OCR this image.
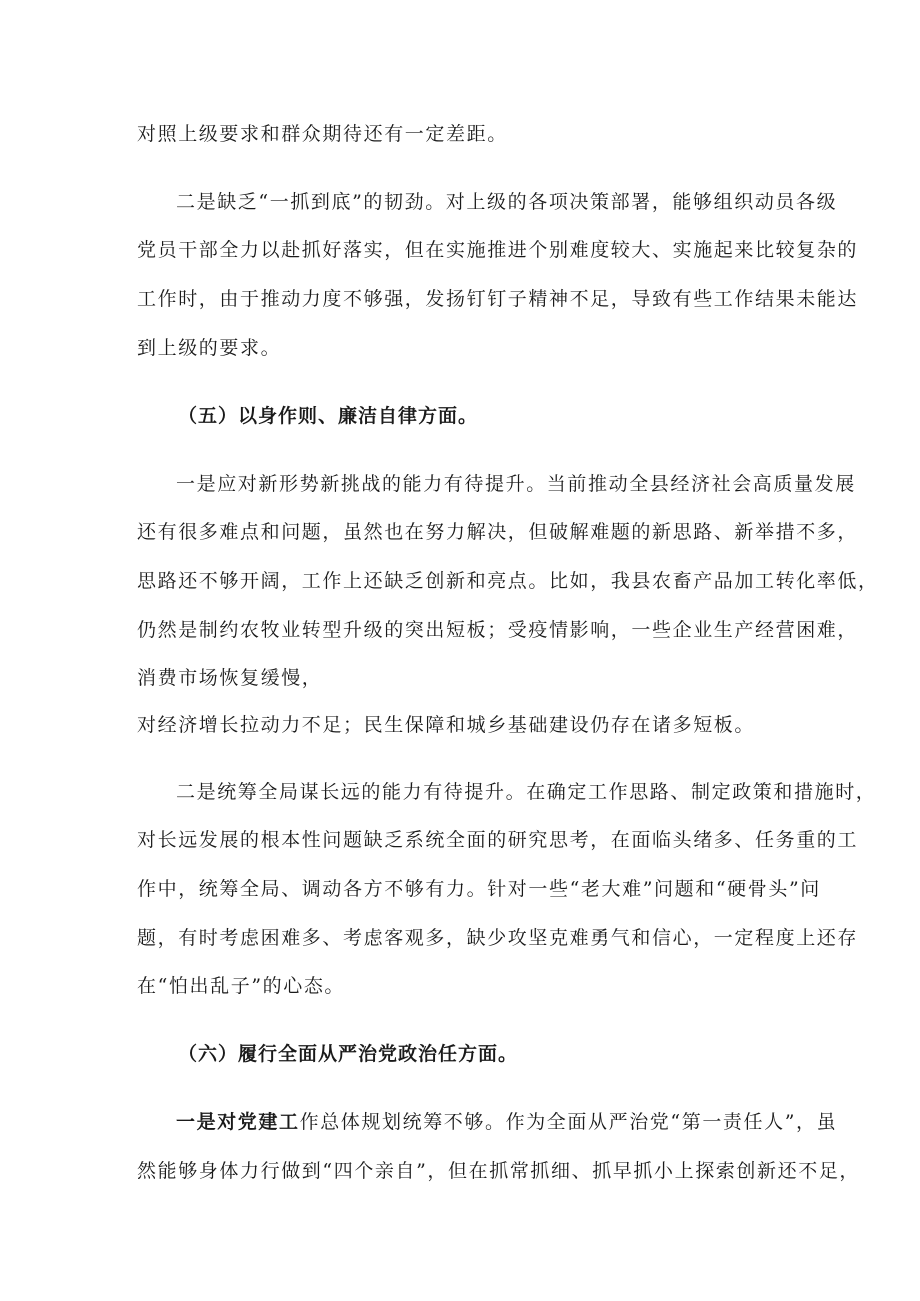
对照上级要求和群众期待还有一定差距。
二是缺乏“一抓到底”的韧劲。对上级的各项决策部署，能够组织动员各级
党员干部全力以赴抓好落实，但在实施推进个别难度较大、实施起来比较复杂的
工作时，由于推动力度不够强，发扬钉钉子精神不足，导致有些工作结果未能达
到上级的要求。
（五）以身作则、廉洁自律方面。
一是应对新形势新挑战的能力有待提升。当前推动全县经济社会高质量发展
还有很多难点和问题，虽然也在努力解决，但破解难题的新思路、新举措不多，
思路还不够开阔，工作上还缺乏创新和亮点。比如，我县农畜产品加工转化率低，
仍然是制约农牧业转型升级的突出短板；受疫情影响，一些企业生产经营困难，
消费市场恢复缓慢，
对经济增长拉动力不足；民生保障和城乡基础建设仍存在诸多短板。
二是统筹全局谋长远的能力有待提升。在确定工作思路、制定政策和措施时，
对长远发展的根本性问题缺乏系统全面的研究思考，在面临头绪多、任务重的工
作中，统筹全局、调动各方不够有力。针对一些“老大难”问题和“硬骨头”问
题，有时考虑困难多、考虑客观多，缺少攻坚克难勇气和信心，一定程度上还存
在“怕出乱子”的心态。
（六）履行全面从严治党政治任方面。
一是对党建工作总体规划统筹不够。作为全面从严治党“第一责任人”，虽
然能够身体力行做到“四个亲自”，但在抓常抓细、抓早抓小上探索创新还不足，
